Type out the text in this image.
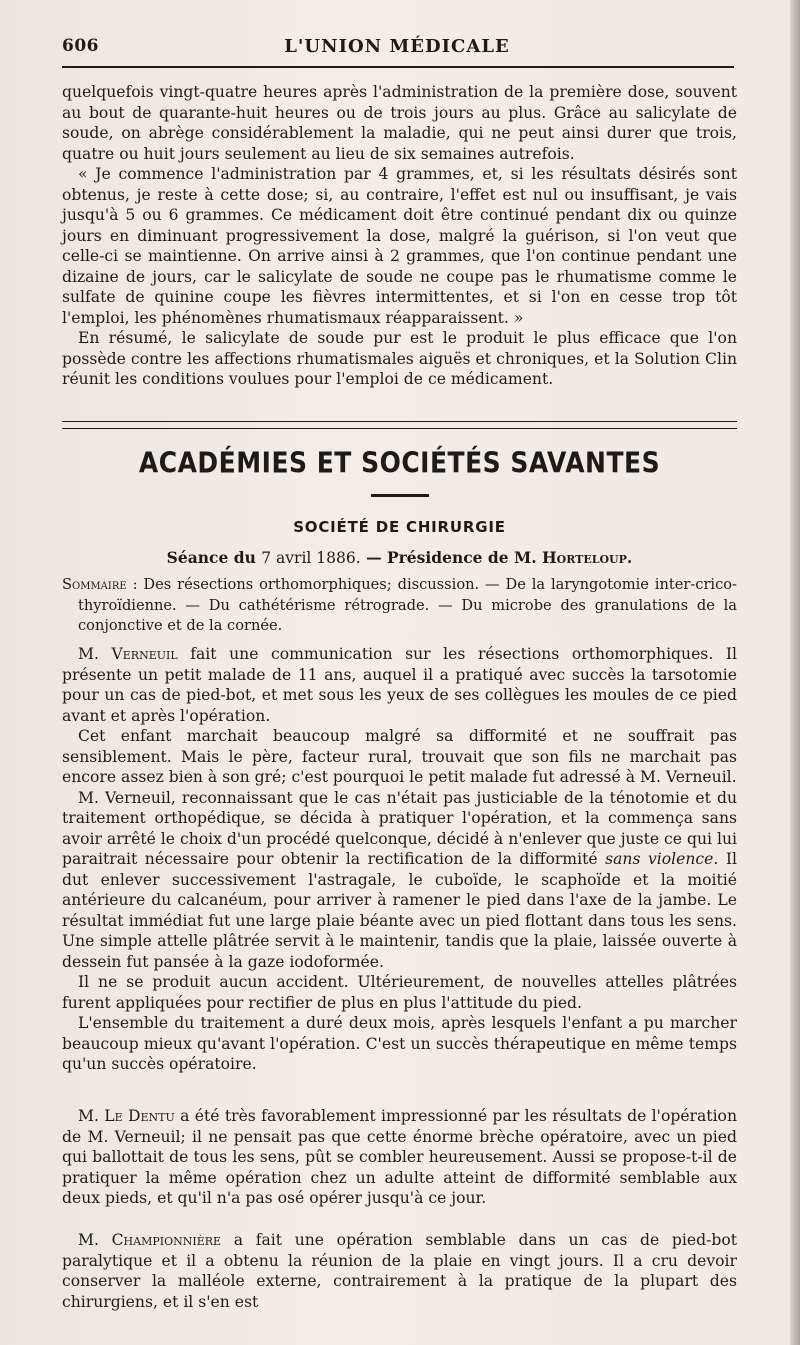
606	L'UNION MÉDICALE

quelquefois vingt-quatre heures après l'administration de la première dose, souvent au bout de quarante-huit heures ou de trois jours au plus. Grâce au salicylate de soude, on abrège considérablement la maladie, qui ne peut ainsi durer que trois, quatre ou huit jours seulement au lieu de six semaines autrefois.

« Je commence l'administration par 4 grammes, et, si les résultats désirés sont obtenus, je reste à cette dose; si, au contraire, l'effet est nul ou insuffisant, je vais jusqu'à 5 ou 6 grammes. Ce médicament doit être continué pendant dix ou quinze jours en diminuant progressivement la dose, malgré la guérison, si l'on veut que celle-ci se maintienne. On arrive ainsi à 2 grammes, que l'on continue pendant une dizaine de jours, car le salicylate de soude ne coupe pas le rhumatisme comme le sulfate de quinine coupe les fièvres intermittentes, et si l'on en cesse trop tôt l'emploi, les phénomènes rhumatismaux réapparaissent. »

En résumé, le salicylate de soude pur est le produit le plus efficace que l'on possède contre les affections rhumatismales aiguës et chroniques, et la Solution Clin réunit les conditions voulues pour l'emploi de ce médicament.

ACADÉMIES ET SOCIÉTÉS SAVANTES
SOCIÉTÉ DE CHIRURGIE
Séance du 7 avril 1886. — Présidence de M. Horteloup.

Sommaire : Des résections orthomorphiques; discussion. — De la laryngotomie inter-crico-thyroïdienne. — Du cathétérisme rétrograde. — Du microbe des granulations de la conjonctive et de la cornée.

M. Verneuil fait une communication sur les résections orthomorphiques. Il présente un petit malade de 11 ans, auquel il a pratiqué avec succès la tarsotomie pour un cas de pied-bot, et met sous les yeux de ses collègues les moules de ce pied avant et après l'opération.

Cet enfant marchait beaucoup malgré sa difformité et ne souffrait pas sensiblement. Mais le père, facteur rural, trouvait que son fils ne marchait pas encore assez bien à son gré; c'est pourquoi le petit malade fut adressé à M. Verneuil.

M. Verneuil, reconnaissant que le cas n'était pas justiciable de la ténotomie et du traitement orthopédique, se décida à pratiquer l'opération, et la commença sans avoir arrêté le choix d'un procédé quelconque, décidé à n'enlever que juste ce qui lui paraitrait nécessaire pour obtenir la rectification de la difformité sans violence. Il dut enlever successivement l'astragale, le cuboïde, le scaphoïde et la moitié antérieure du calcanéum, pour arriver à ramener le pied dans l'axe de la jambe. Le résultat immédiat fut une large plaie béante avec un pied flottant dans tous les sens. Une simple attelle plâtrée servit à le maintenir, tandis que la plaie, laissée ouverte à dessein fut pansée à la gaze iodoformée.

Il ne se produit aucun accident. Ultérieurement, de nouvelles attelles plâtrées furent appliquées pour rectifier de plus en plus l'attitude du pied.

L'ensemble du traitement a duré deux mois, après lesquels l'enfant a pu marcher beaucoup mieux qu'avant l'opération. C'est un succès thérapeutique en même temps qu'un succès opératoire.

M. Le Dentu a été très favorablement impressionné par les résultats de l'opération de M. Verneuil; il ne pensait pas que cette énorme brèche opératoire, avec un pied qui ballottait de tous les sens, pût se combler heureusement. Aussi se propose-t-il de pratiquer la même opération chez un adulte atteint de difformité semblable aux deux pieds, et qu'il n'a pas osé opérer jusqu'à ce jour.

M. Championnière a fait une opération semblable dans un cas de pied-bot paralytique et il a obtenu la réunion de la plaie en vingt jours. Il a cru devoir conserver la malléole externe, contrairement à la pratique de la plupart des chirurgiens, et il s'en est
